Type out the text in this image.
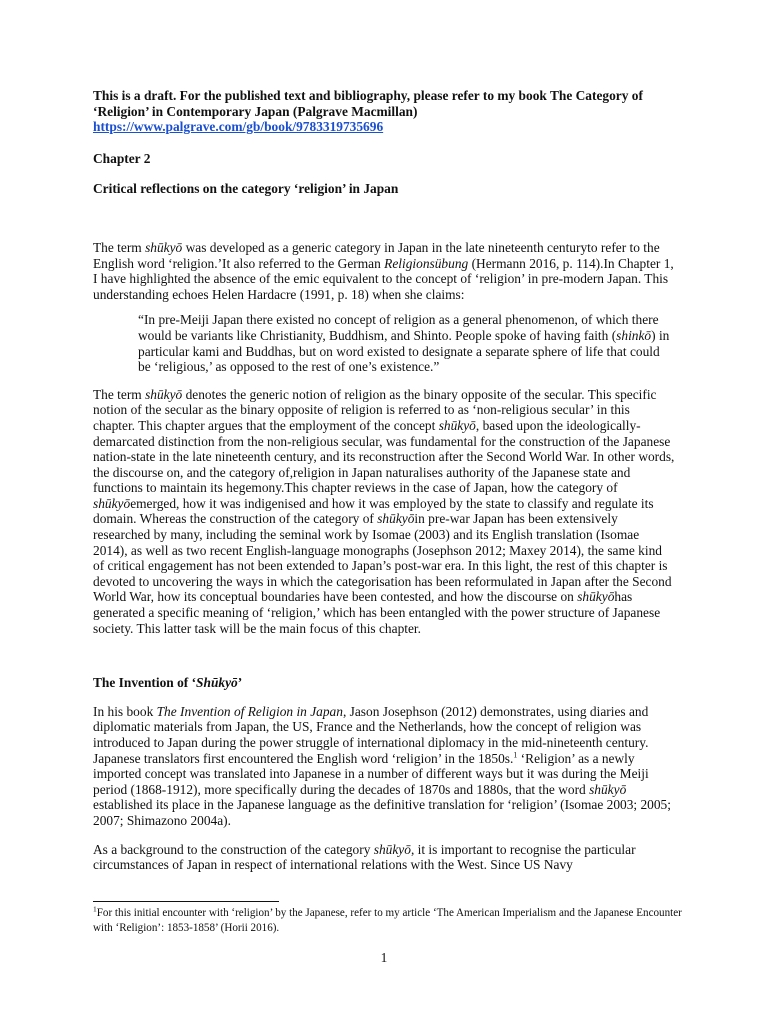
This is a draft. For the published text and bibliography, please refer to my book The Category of ‘Religion’ in Contemporary Japan (Palgrave Macmillan)
https://www.palgrave.com/gb/book/9783319735696

Chapter 2

Critical reflections on the category ‘religion’ in Japan

The term shūkyō was developed as a generic category in Japan in the late nineteenth centuryto refer to the English word ‘religion.’It also referred to the German Religionsübung (Hermann 2016, p. 114).In Chapter 1, I have highlighted the absence of the emic equivalent to the concept of ‘religion’ in pre-modern Japan. This understanding echoes Helen Hardacre (1991, p. 18) when she claims:

“In pre-Meiji Japan there existed no concept of religion as a general phenomenon, of which there would be variants like Christianity, Buddhism, and Shinto. People spoke of having faith (shinkō) in particular kami and Buddhas, but on word existed to designate a separate sphere of life that could be ‘religious,’ as opposed to the rest of one’s existence.”

The term shūkyō denotes the generic notion of religion as the binary opposite of the secular. This specific notion of the secular as the binary opposite of religion is referred to as ‘non-religious secular’ in this chapter. This chapter argues that the employment of the concept shūkyō, based upon the ideologically-demarcated distinction from the non-religious secular, was fundamental for the construction of the Japanese nation-state in the late nineteenth century, and its reconstruction after the Second World War. In other words, the discourse on, and the category of,religion in Japan naturalises authority of the Japanese state and functions to maintain its hegemony.This chapter reviews in the case of Japan, how the category of shūkyōemerged, how it was indigenised and how it was employed by the state to classify and regulate its domain. Whereas the construction of the category of shūkyōin pre-war Japan has been extensively researched by many, including the seminal work by Isomae (2003) and its English translation (Isomae 2014), as well as two recent English-language monographs (Josephson 2012; Maxey 2014), the same kind of critical engagement has not been extended to Japan’s post-war era. In this light, the rest of this chapter is devoted to uncovering the ways in which the categorisation has been reformulated in Japan after the Second World War, how its conceptual boundaries have been contested, and how the discourse on shūkyōhas generated a specific meaning of ‘religion,’ which has been entangled with the power structure of Japanese society. This latter task will be the main focus of this chapter.

The Invention of ‘Shūkyō’

In his book The Invention of Religion in Japan, Jason Josephson (2012) demonstrates, using diaries and diplomatic materials from Japan, the US, France and the Netherlands, how the concept of religion was introduced to Japan during the power struggle of international diplomacy in the mid-nineteenth century. Japanese translators first encountered the English word ‘religion’ in the 1850s.$^1$ ‘Religion’ as a newly imported concept was translated into Japanese in a number of different ways but it was during the Meiji period (1868-1912), more specifically during the decades of 1870s and 1880s, that the word shūkyō established its place in the Japanese language as the definitive translation for ‘religion’ (Isomae 2003; 2005; 2007; Shimazono 2004a).

As a background to the construction of the category shūkyō, it is important to recognise the particular circumstances of Japan in respect of international relations with the West. Since US Navy

$^1$For this initial encounter with ‘religion’ by the Japanese, refer to my article ‘The American Imperialism and the Japanese Encounter with ‘Religion’: 1853-1858’ (Horii 2016).
1
